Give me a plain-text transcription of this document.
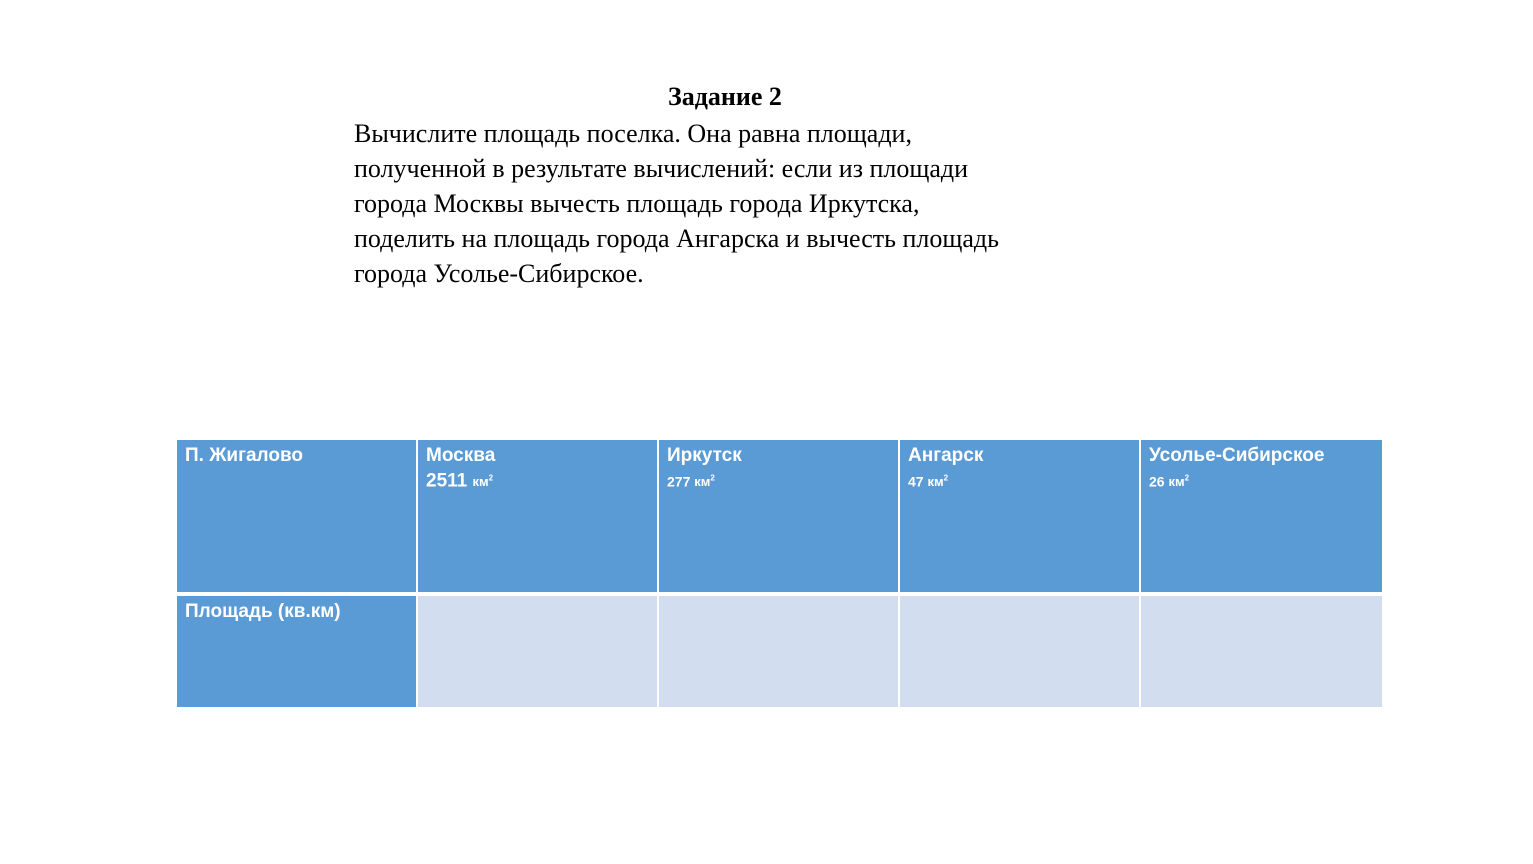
Задание 2
Вычислите площадь поселка. Она равна площади,
полученной в результате вычислений: если из площади
города Москвы вычесть площадь города Иркутска,
поделить на площадь города Ангарска и вычесть площадь
города Усолье-Сибирское.
П. Жигалово	Москва
2511 $км^2$
Иркутск
277 $км^2$
Ангарск
47 $км^2$
Усолье-Сибирское
26 $км^2$
Площадь (кв.км)
